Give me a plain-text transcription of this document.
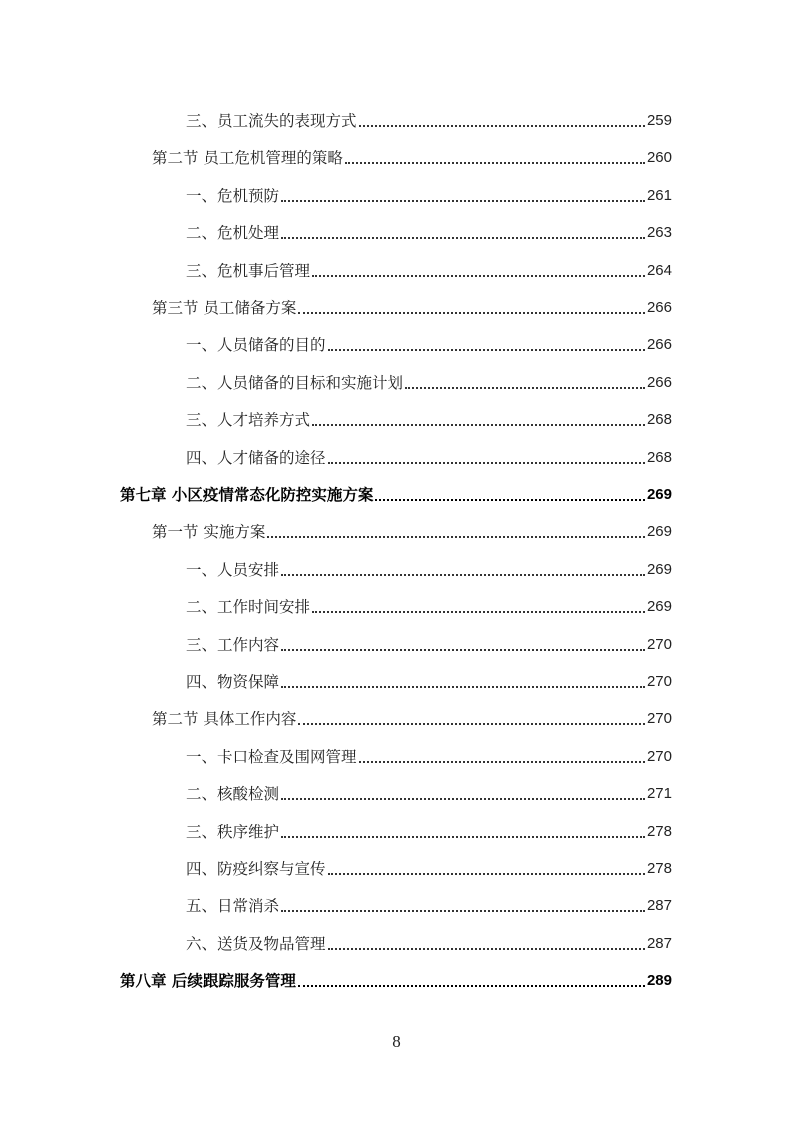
三、员工流失的表现方式	259
第二节 员工危机管理的策略	260
一、危机预防	261
二、危机处理	263
三、危机事后管理	264
第三节 员工储备方案	266
一、人员储备的目的	266
二、人员储备的目标和实施计划	266
三、人才培养方式	268
四、人才储备的途径	268
第七章 小区疫情常态化防控实施方案	269
第一节 实施方案	269
一、人员安排	269
二、工作时间安排	269
三、工作内容	270
四、物资保障	270
第二节 具体工作内容	270
一、卡口检查及围网管理	270
二、核酸检测	271
三、秩序维护	278
四、防疫纠察与宣传	278
五、日常消杀	287
六、送货及物品管理	287
第八章 后续跟踪服务管理	289
8
